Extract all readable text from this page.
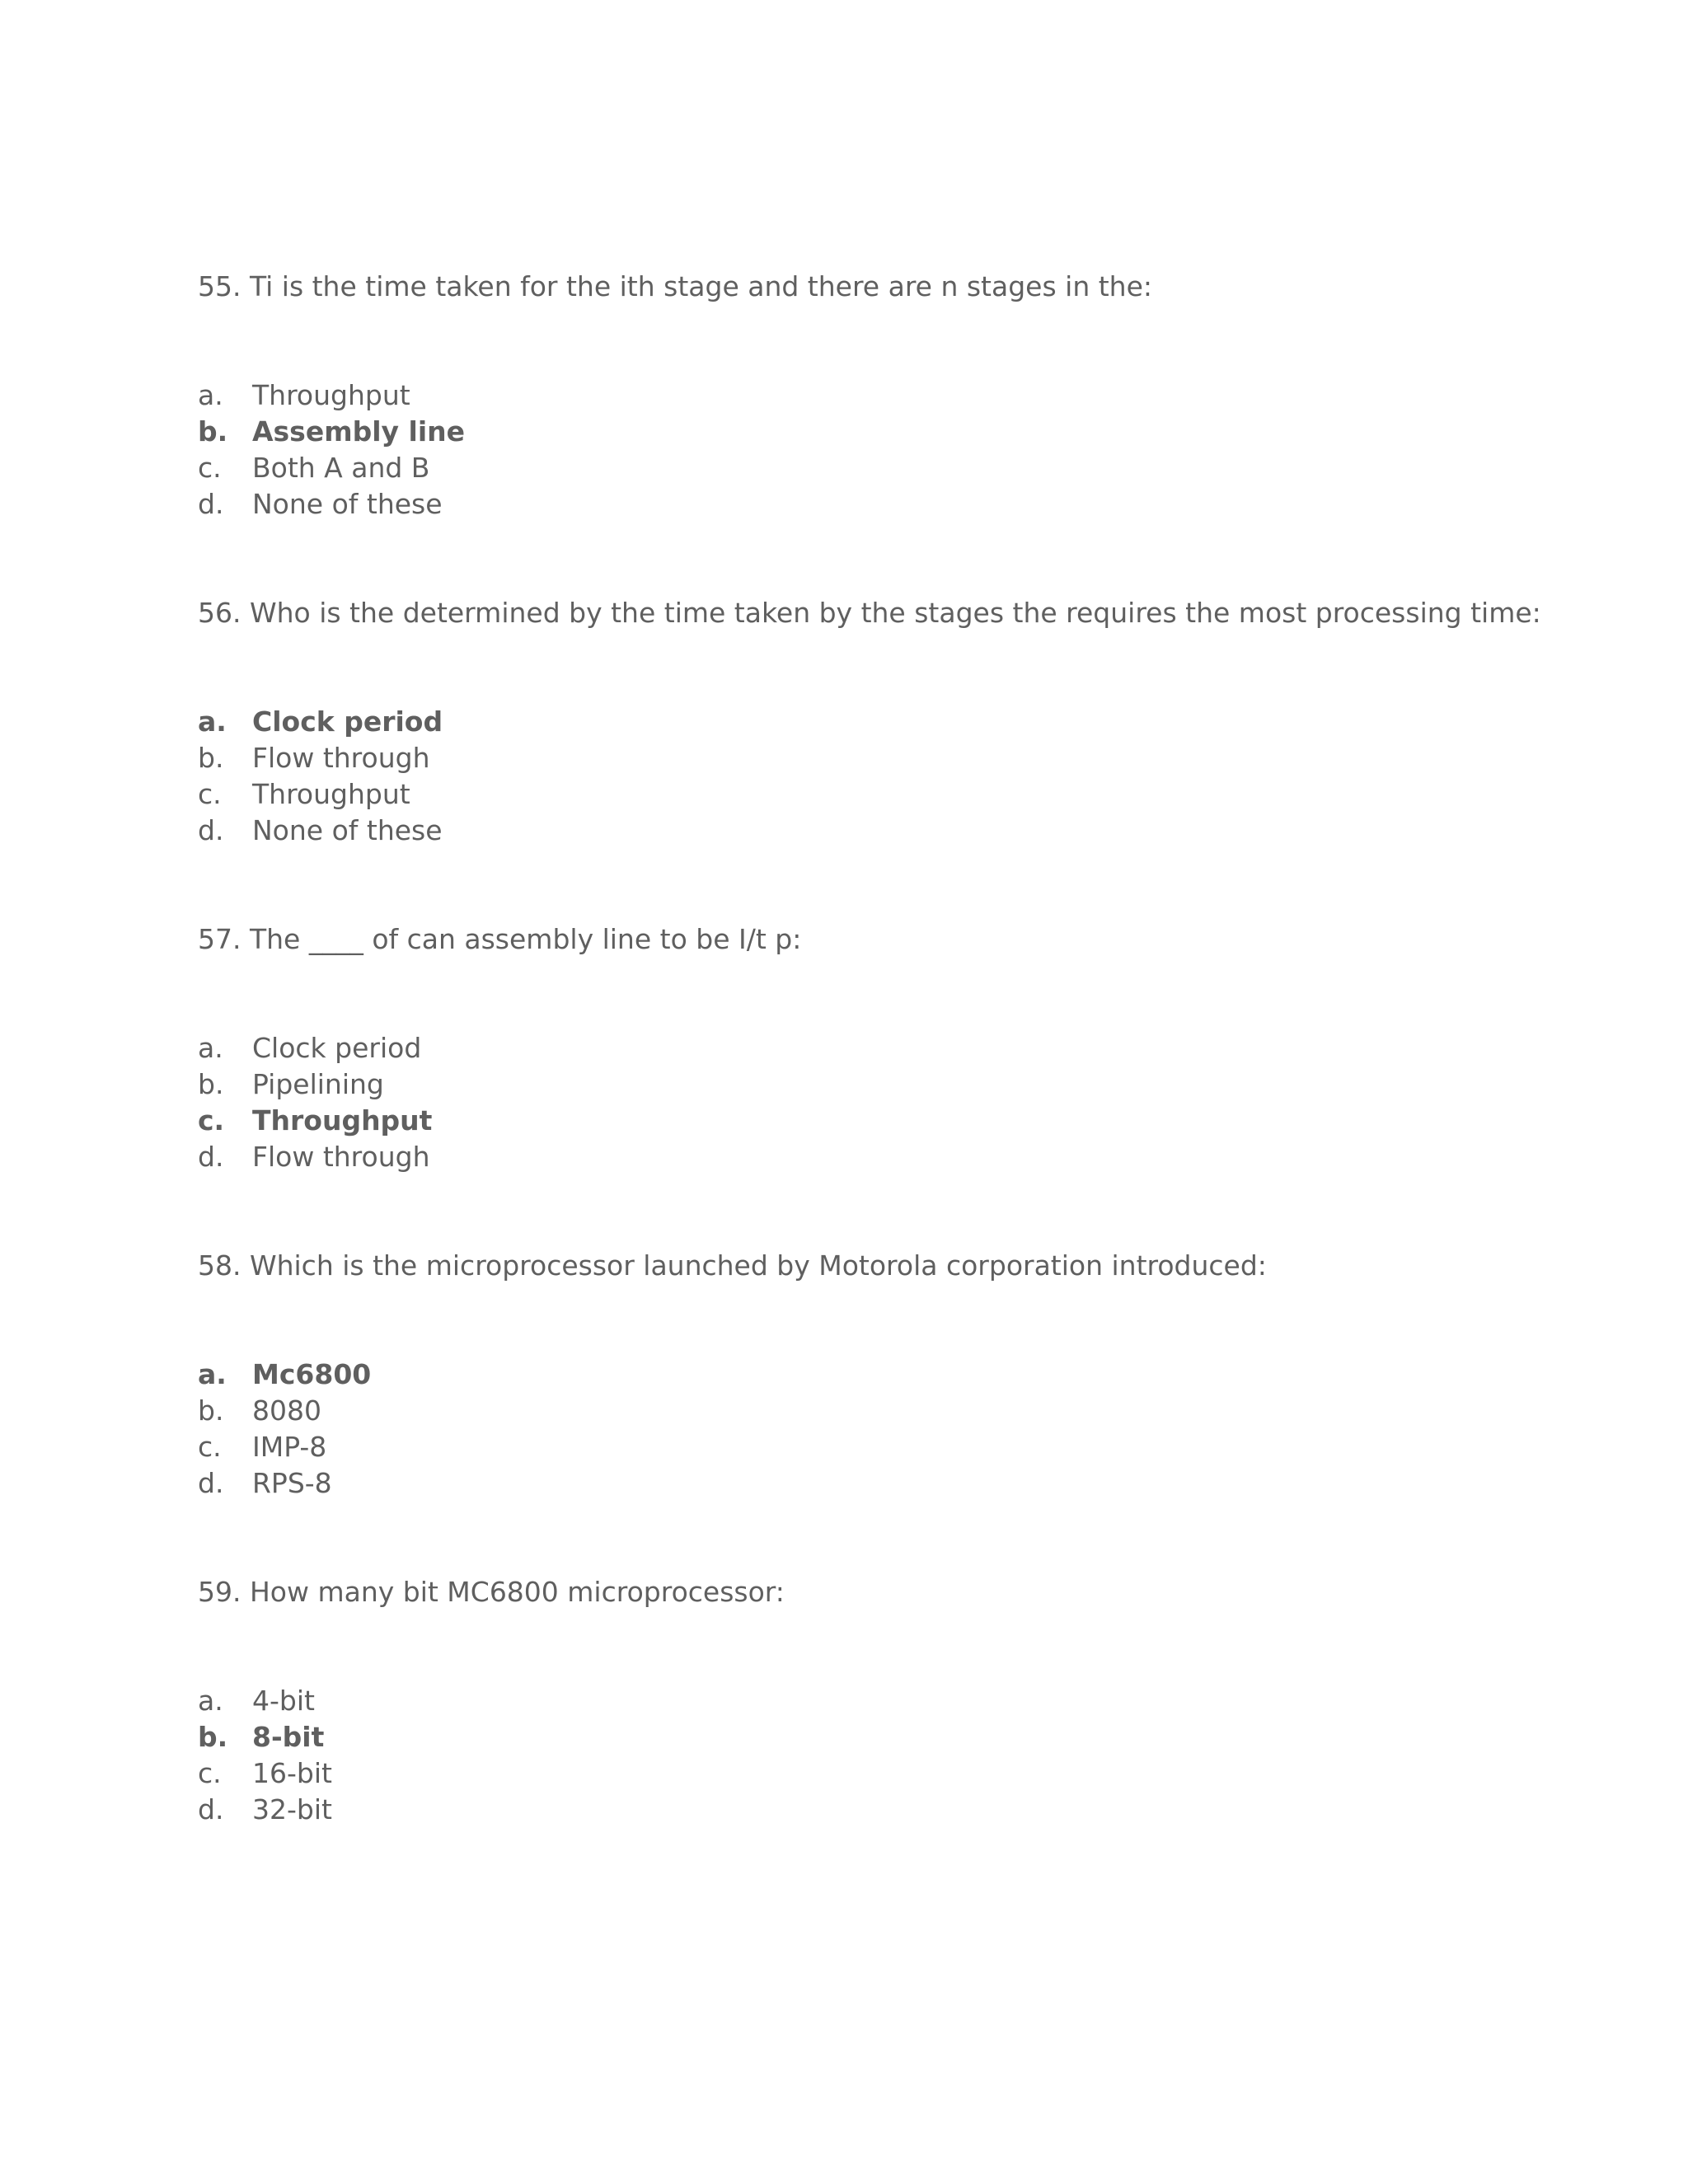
55. Ti is the time taken for the ith stage and there are n stages in the:
a. Throughput
b. Assembly line
c. Both A and B
d. None of these
56. Who is the determined by the time taken by the stages the requires the most processing time:
a. Clock period
b. Flow through
c. Throughput
d. None of these
57. The ____ of can assembly line to be I/t p:
a. Clock period
b. Pipelining
c. Throughput
d. Flow through
58. Which is the microprocessor launched by Motorola corporation introduced:
a. Mc6800
b. 8080
c. IMP-8
d. RPS-8
59. How many bit MC6800 microprocessor:
a. 4-bit
b. 8-bit
c. 16-bit
d. 32-bit
